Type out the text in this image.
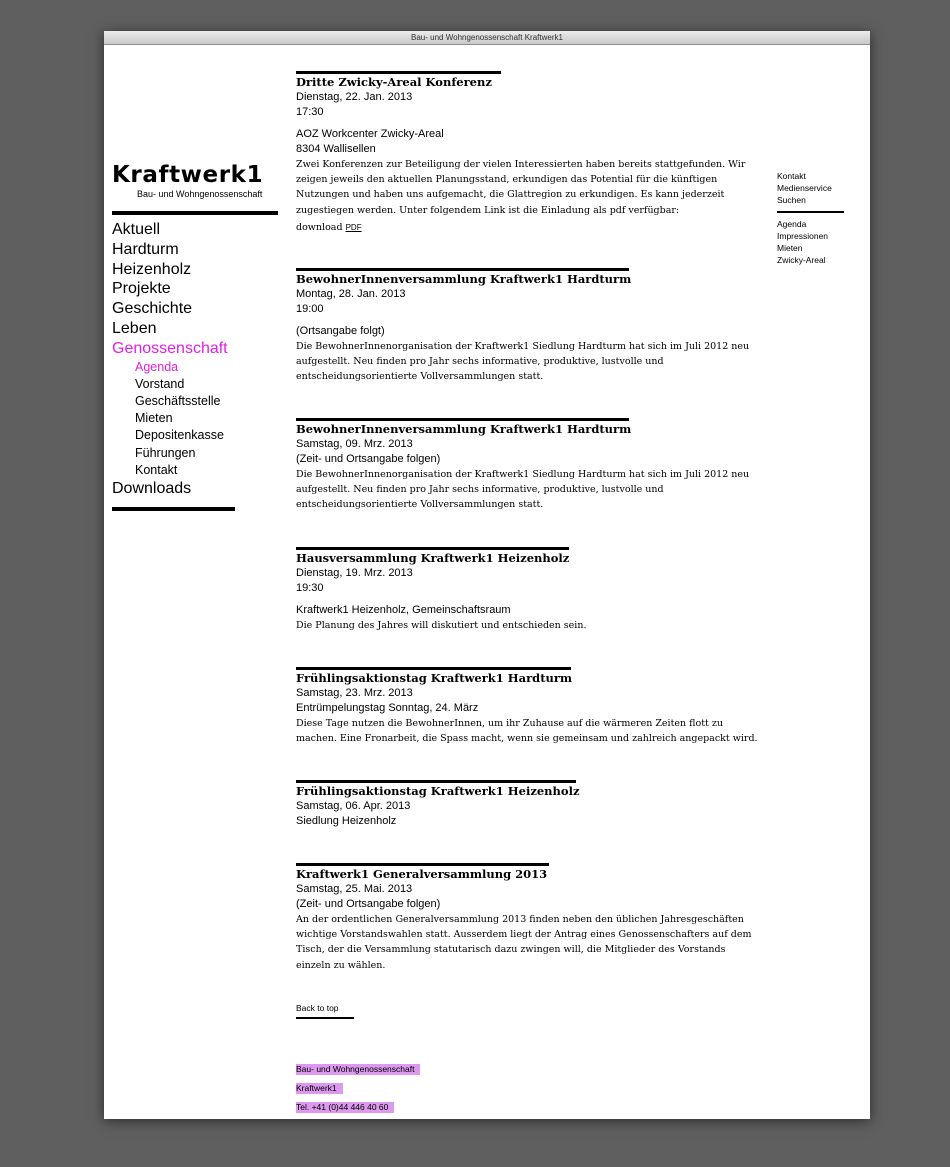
Bau- und Wohngenossenschaft Kraftwerk1
Kraftwerk1
Bau- und Wohngenossenschaft
Aktuell
Hardturm
Heizenholz
Projekte
Geschichte
Leben
Genossenschaft
Agenda
Vorstand
Geschäftsstelle
Mieten
Depositenkasse
Führungen
Kontakt
Downloads
Kontakt
Medienservice
Suchen
Agenda
Impressionen
Mieten
Zwicky-Areal
Dritte Zwicky-Areal Konferenz
Dienstag, 22. Jan. 2013
17:30
AOZ Workcenter Zwicky-Areal
8304 Wallisellen
Zwei Konferenzen zur Beteiligung der vielen Interessierten haben bereits stattgefunden. Wir zeigen jeweils den aktuellen Planungsstand, erkundigen das Potential für die künftigen Nutzungen und haben uns aufgemacht, die Glattregion zu erkundigen. Es kann jederzeit zugestiegen werden. Unter folgendem Link ist die Einladung als pdf verfügbar:
download PDF
BewohnerInnenversammlung Kraftwerk1 Hardturm
Montag, 28. Jan. 2013
19:00
(Ortsangabe folgt)
Die BewohnerInnenorganisation der Kraftwerk1 Siedlung Hardturm hat sich im Juli 2012 neu aufgestellt. Neu finden pro Jahr sechs informative, produktive, lustvolle und entscheidungsorientierte Vollversammlungen statt.
BewohnerInnenversammlung Kraftwerk1 Hardturm
Samstag, 09. Mrz. 2013
(Zeit- und Ortsangabe folgen)
Die BewohnerInnenorganisation der Kraftwerk1 Siedlung Hardturm hat sich im Juli 2012 neu aufgestellt. Neu finden pro Jahr sechs informative, produktive, lustvolle und entscheidungsorientierte Vollversammlungen statt.
Hausversammlung Kraftwerk1 Heizenholz
Dienstag, 19. Mrz. 2013
19:30
Kraftwerk1 Heizenholz, Gemeinschaftsraum
Die Planung des Jahres will diskutiert und entschieden sein.
Frühlingsaktionstag Kraftwerk1 Hardturm
Samstag, 23. Mrz. 2013
Entrümpelungstag Sonntag, 24. März
Diese Tage nutzen die BewohnerInnen, um ihr Zuhause auf die wärmeren Zeiten flott zu machen. Eine Fronarbeit, die Spass macht, wenn sie gemeinsam und zahlreich angepackt wird.
Frühlingsaktionstag Kraftwerk1 Heizenholz
Samstag, 06. Apr. 2013
Siedlung Heizenholz
Kraftwerk1 Generalversammlung 2013
Samstag, 25. Mai. 2013
(Zeit- und Ortsangabe folgen)
An der ordentlichen Generalversammlung 2013 finden neben den üblichen Jahresgeschäften wichtige Vorstandswahlen statt. Ausserdem liegt der Antrag eines Genossenschafters auf dem Tisch, der die Versammlung statutarisch dazu zwingen will, die Mitglieder des Vorstands einzeln zu wählen.
Back to top
Bau- und Wohngenossenschaft
Kraftwerk1
Tel. +41 (0)44 446 40 60
